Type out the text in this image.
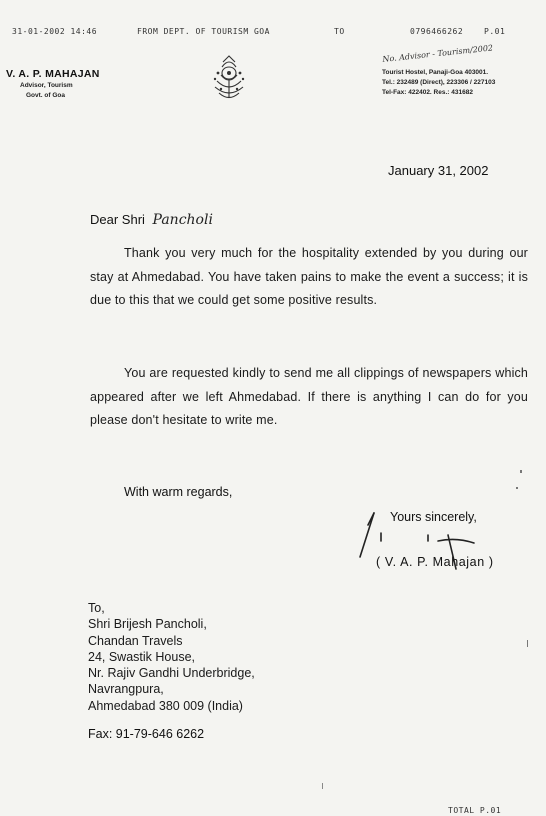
31-01-2002 14:46	FROM DEPT. OF TOURISM GOA	TO	0796466262	P.01
V. A. P. MAHAJAN
Advisor, Tourism
Govt. of Goa
No. Advisor - Tourism/2002
Tourist Hostel, Panaji-Goa 403001.
Tel.: 232489 (Direct), 223306 / 227103
Tel-Fax: 422402. Res.: 431682
January 31, 2002
Dear Shri Pancholi
Thank you very much for the hospitality extended by you during our stay at Ahmedabad. You have taken pains to make the event a success; it is due to this that we could get some positive results.
You are requested kindly to send me all clippings of newspapers which appeared after we left Ahmedabad. If there is anything I can do for you please don't hesitate to write me.
With warm regards,
Yours sincerely,
( V. A. P. Mahajan )
To,
Shri Brijesh Pancholi,
Chandan Travels
24, Swastik House,
Nr. Rajiv Gandhi Underbridge,
Navrangpura,
Ahmedabad 380 009 (India)
Fax: 91-79-646 6262
TOTAL P.01
